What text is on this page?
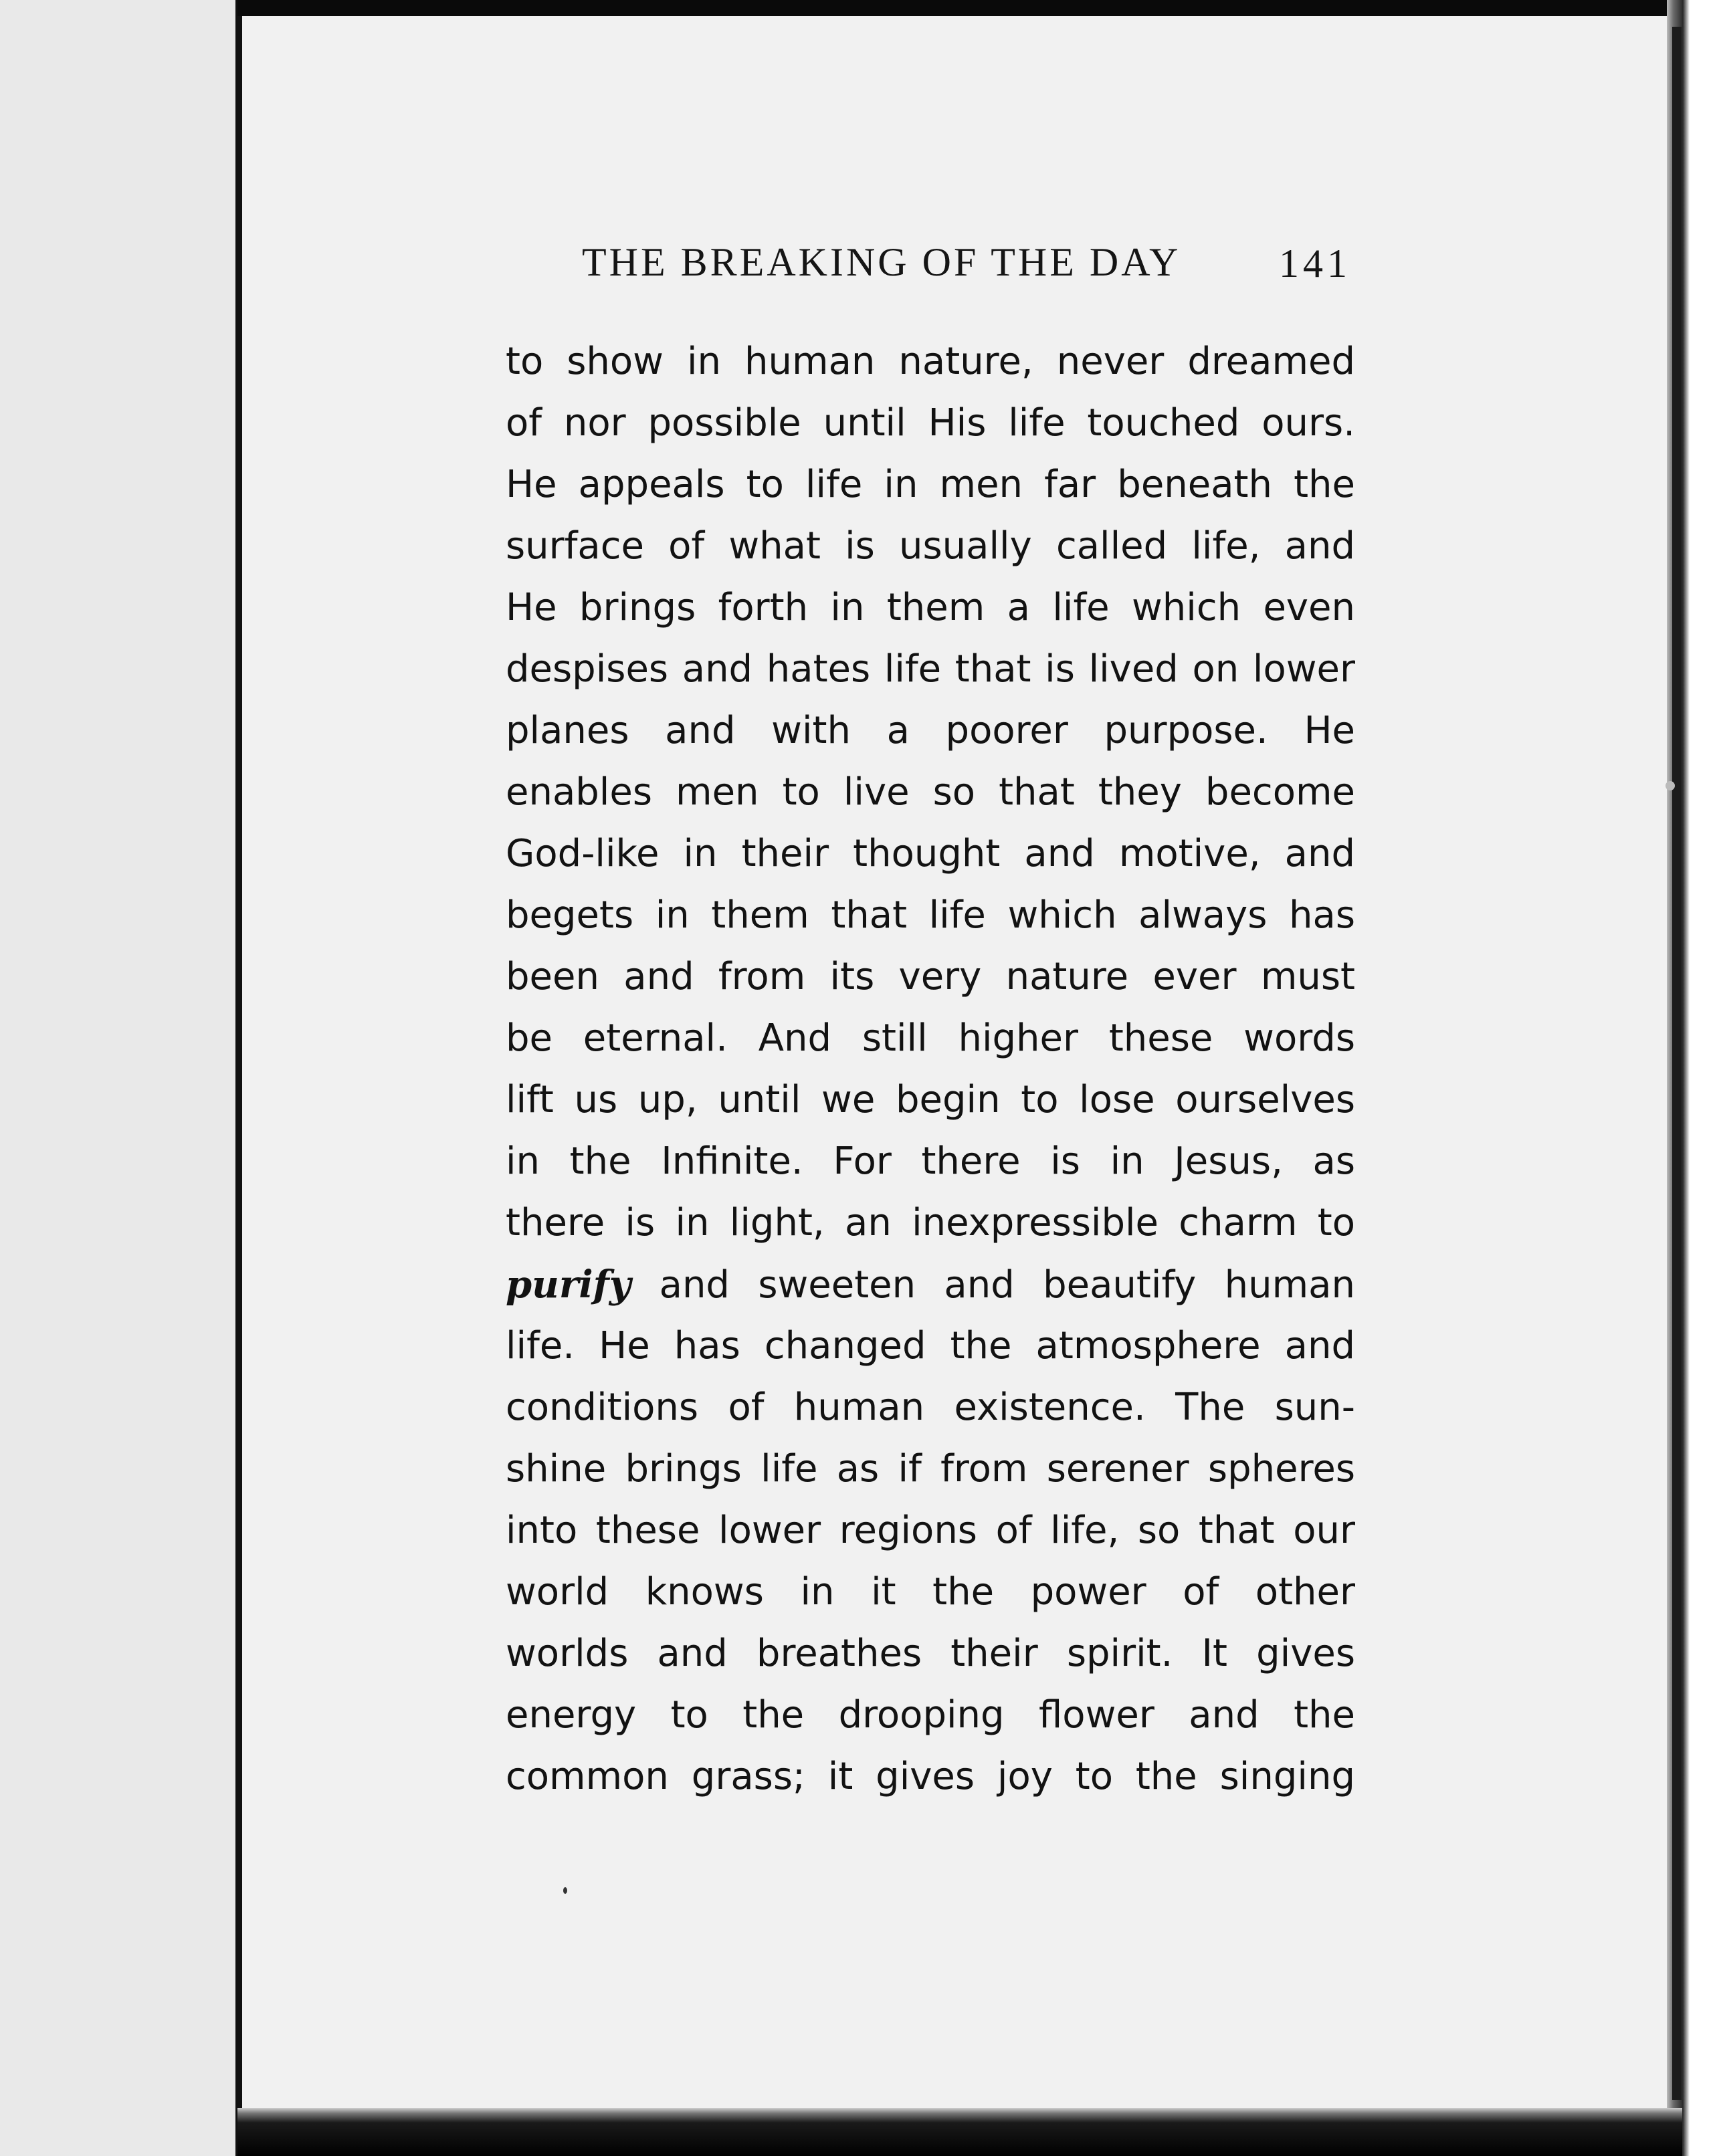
THE BREAKING OF THE DAY 141
to show in human nature, never dreamed
of nor possible until His life touched ours.
He appeals to life in men far beneath the
surface of what is usually called life, and
He brings forth in them a life which even
despises and hates life that is lived on lower
planes and with a poorer purpose. He
enables men to live so that they become
God-like in their thought and motive, and
begets in them that life which always has
been and from its very nature ever must
be eternal. And still higher these words
lift us up, until we begin to lose ourselves
in the Infinite. For there is in Jesus, as
there is in light, an inexpressible charm to
purify and sweeten and beautify human
life. He has changed the atmosphere and
conditions of human existence. The sun-
shine brings life as if from serener spheres
into these lower regions of life, so that our
world knows in it the power of other
worlds and breathes their spirit. It gives
energy to the drooping flower and the
common grass; it gives joy to the singing
